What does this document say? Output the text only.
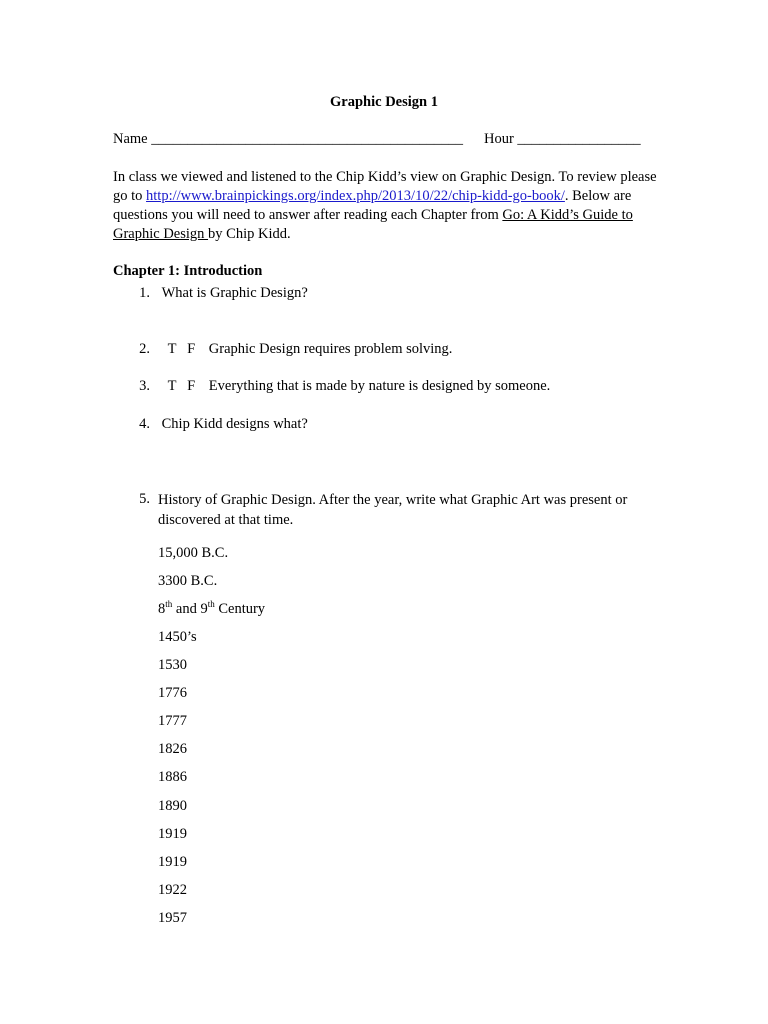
Graphic Design 1
Name ___________________________________________ Hour _________________
In class we viewed and listened to the Chip Kidd’s view on Graphic Design. To review please go to http://www.brainpickings.org/index.php/2013/10/22/chip-kidd-go-book/. Below are questions you will need to answer after reading each Chapter from Go: A Kidd’s Guide to Graphic Design by Chip Kidd.
Chapter 1: Introduction
1. What is Graphic Design?
2. T   F Graphic Design requires problem solving.
3. T   F Everything that is made by nature is designed by someone.
4. Chip Kidd designs what?
5. History of Graphic Design. After the year, write what Graphic Art was present or discovered at that time.
15,000 B.C.
3300 B.C.
8th and 9th Century
1450’s
1530
1776
1777
1826
1886
1890
1919
1919
1922
1957
